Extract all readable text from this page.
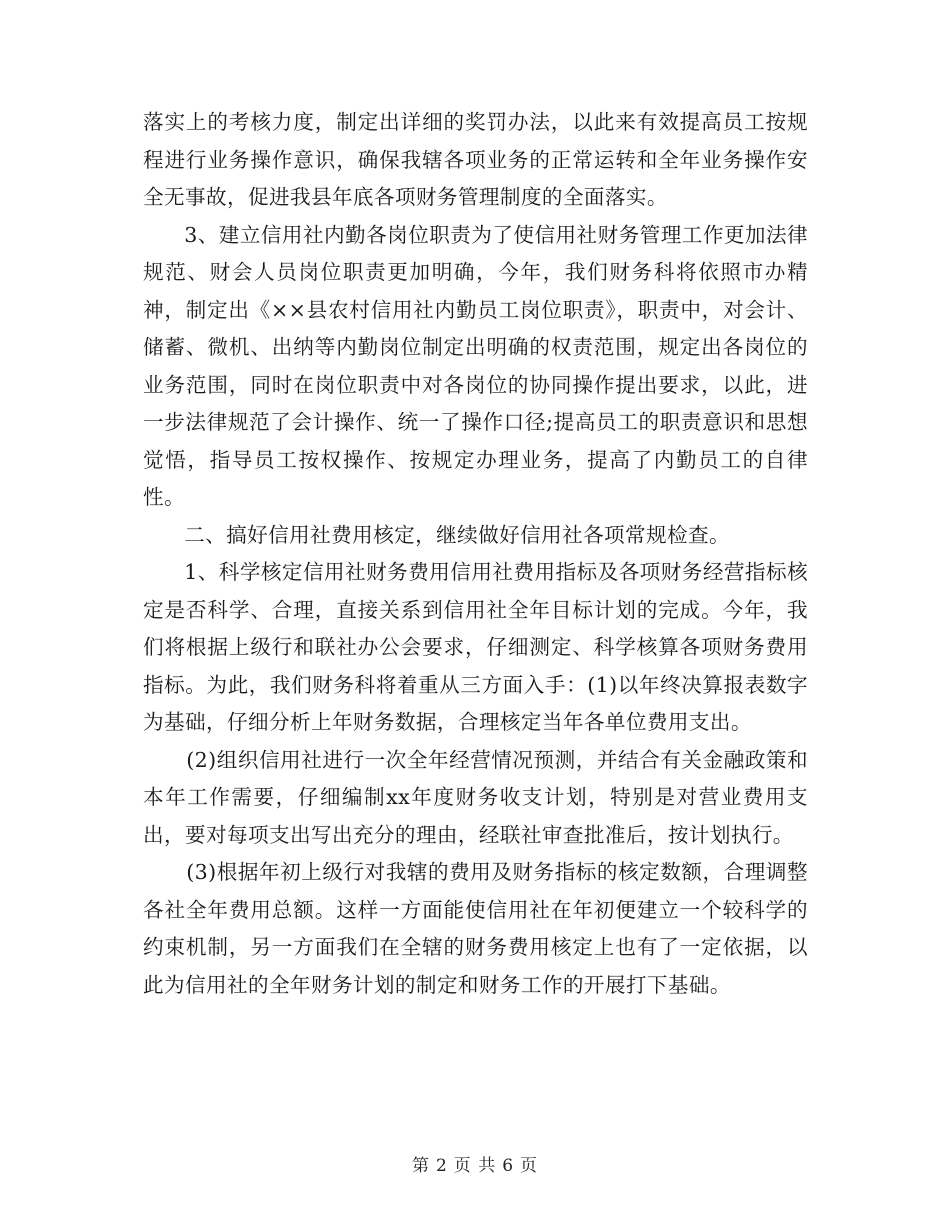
落实上的考核力度，制定出详细的奖罚办法，以此来有效提高员工按规程进行业务操作意识，确保我辖各项业务的正常运转和全年业务操作安全无事故，促进我县年底各项财务管理制度的全面落实。

3、建立信用社内勤各岗位职责为了使信用社财务管理工作更加法律规范、财会人员岗位职责更加明确，今年，我们财务科将依照市办精神，制定出《××县农村信用社内勤员工岗位职责》，职责中，对会计、储蓄、微机、出纳等内勤岗位制定出明确的权责范围，规定出各岗位的业务范围，同时在岗位职责中对各岗位的协同操作提出要求，以此，进一步法律规范了会计操作、统一了操作口径;提高员工的职责意识和思想觉悟，指导员工按权操作、按规定办理业务，提高了内勤员工的自律性。

二、搞好信用社费用核定，继续做好信用社各项常规检查。

1、科学核定信用社财务费用信用社费用指标及各项财务经营指标核定是否科学、合理，直接关系到信用社全年目标计划的完成。今年，我们将根据上级行和联社办公会要求，仔细测定、科学核算各项财务费用指标。为此，我们财务科将着重从三方面入手：(1)以年终决算报表数字为基础，仔细分析上年财务数据，合理核定当年各单位费用支出。

(2)组织信用社进行一次全年经营情况预测，并结合有关金融政策和本年工作需要，仔细编制xx年度财务收支计划，特别是对营业费用支出，要对每项支出写出充分的理由，经联社审查批准后，按计划执行。

(3)根据年初上级行对我辖的费用及财务指标的核定数额，合理调整各社全年费用总额。这样一方面能使信用社在年初便建立一个较科学的约束机制，另一方面我们在全辖的财务费用核定上也有了一定依据，以此为信用社的全年财务计划的制定和财务工作的开展打下基础。

第 2 页 共 6 页
